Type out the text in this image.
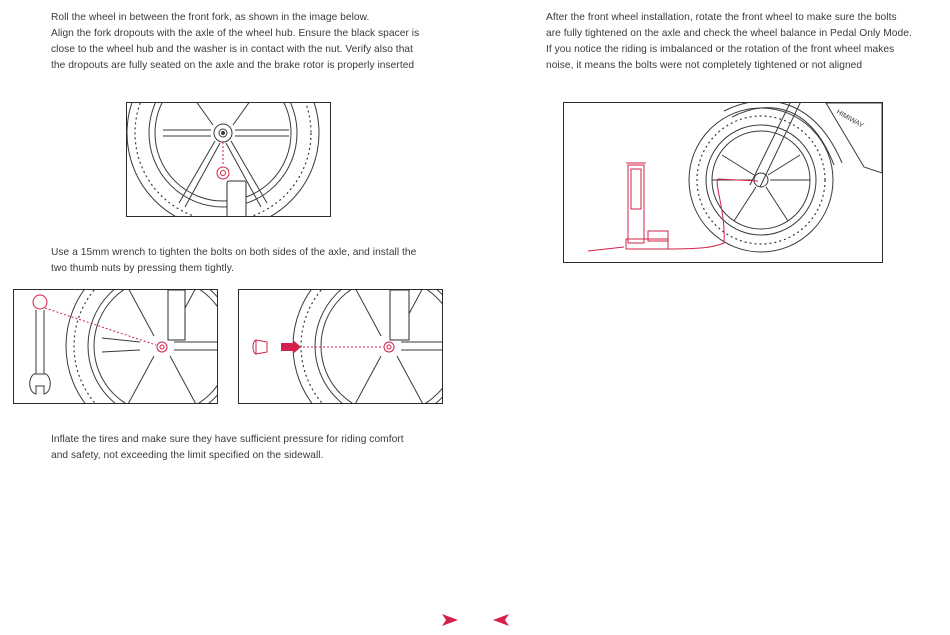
Roll the wheel in between the front fork, as shown in the image below.
Align the fork dropouts with the axle of the wheel hub. Ensure the black spacer is
close to the wheel hub and the washer is in contact with the nut. Verify also that
the dropouts are fully seated on the axle and the brake rotor is properly inserted
Use a 15mm wrench to tighten the bolts on both sides of the axle, and install the
two thumb nuts by pressing them tightly.
Inflate the tires and make sure they have sufficient pressure for riding comfort
and safety, not exceeding the limit specified on the sidewall.
After the front wheel installation, rotate the front wheel to make sure the bolts
are fully tightened on the axle and check the wheel balance in Pedal Only Mode.
If you notice the riding is imbalanced or the rotation of the front wheel makes
noise, it means the bolts were not completely tightened or not aligned
HIMIWAY
